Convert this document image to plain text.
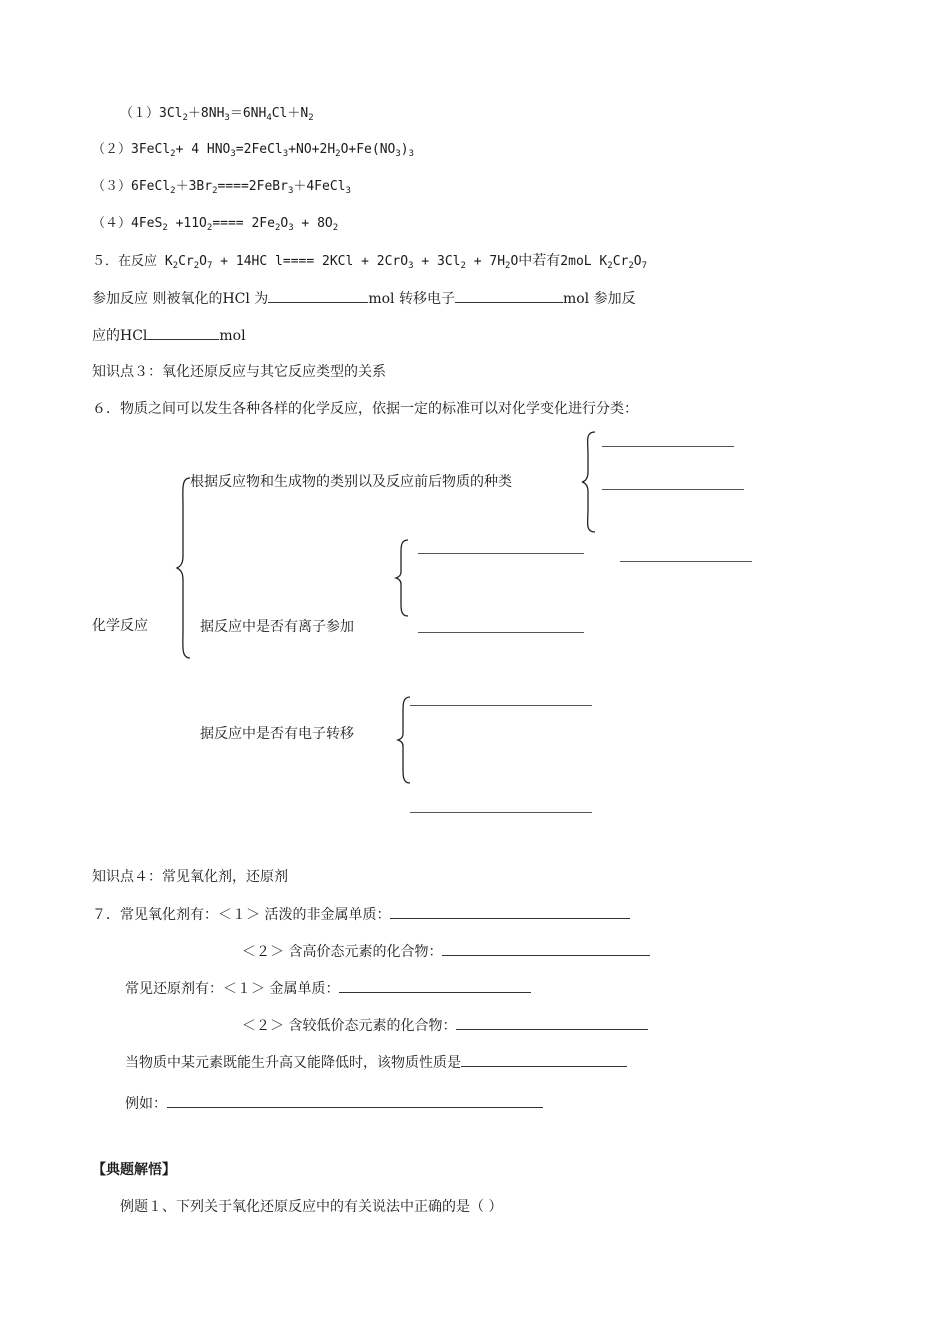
$(1)3Cl_2+8NH_3=6NH_4Cl+N_2$
（２）3FeCl$_2$+ 4 $HNO_3=2FeCl_3+NO+2H_2O+Fe(NO_3)_3$
$(3)6FeCl_2+3Br_2====2FeBr_3+4FeCl_3$
$(4)4FeS_2 +11O_2==== 2Fe_2O_3 + 8O_2$
５．在反应 $K_2Cr_2O_7 + 14HC$ $l==== 2KCl + 2CrO_3 + 3Cl_2 + 7H_2O$中若有2moL $K_2Cr_2O_7$
参加反应 则被氧化的HCl 为	mol 转移电子	mol 参加反
应的HCl	mol
知识点３：氧化还原反应与其它反应类型的关系
６．物质之间可以发生各种各样的化学反应，依据一定的标准可以对化学变化进行分类：
根据反应物和生成物的类别以及反应前后物质的种类
化学反应	据反应中是否有离子参加
据反应中是否有电子转移
知识点４：常见氧化剂，还原剂
７．常见氧化剂有：＜１＞ 活泼的非金属单质：
＜２＞ 含高价态元素的化合物：
常见还原剂有：＜１＞ 金属单质：
＜２＞ 含较低价态元素的化合物：
当物质中某元素既能生升高又能降低时，该物质性质是
例如：
【典题解悟】
例题１、下列关于氧化还原反应中的有关说法中正确的是（ ）
